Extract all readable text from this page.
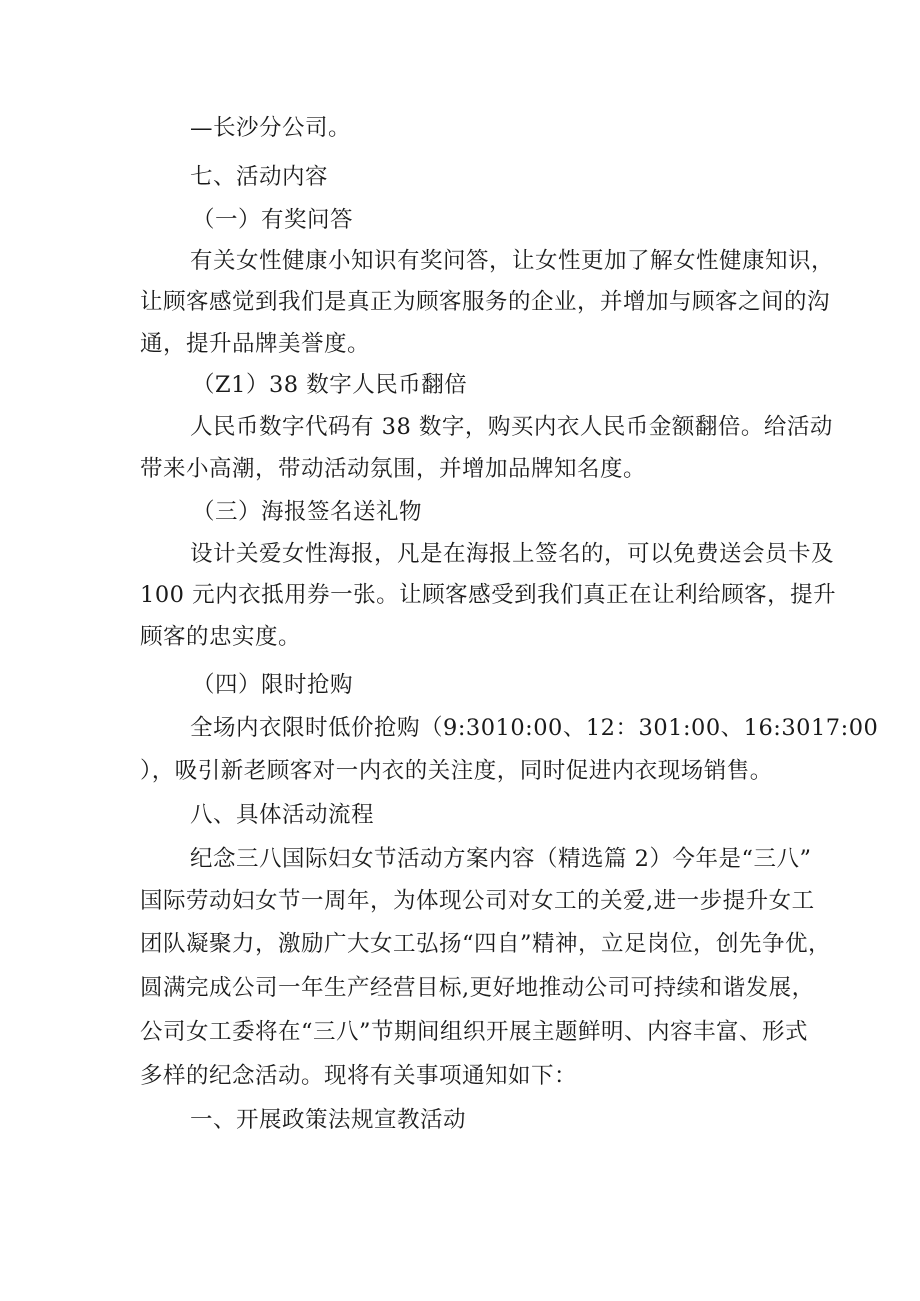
—长沙分公司。
七、活动内容
（一）有奖问答
有关女性健康小知识有奖问答，让女性更加了解女性健康知识，
让顾客感觉到我们是真正为顾客服务的企业，并增加与顾客之间的沟
通，提升品牌美誉度。
（Z1）38 数字人民币翻倍
人民币数字代码有 38 数字，购买内衣人民币金额翻倍。给活动
带来小高潮，带动活动氛围，并增加品牌知名度。
（三）海报签名送礼物
设计关爱女性海报，凡是在海报上签名的，可以免费送会员卡及
100 元内衣抵用券一张。让顾客感受到我们真正在让利给顾客，提升
顾客的忠实度。
（四）限时抢购
全场内衣限时低价抢购（9:3010:00、12：301:00、16:3017:00
），吸引新老顾客对一内衣的关注度，同时促进内衣现场销售。
八、具体活动流程
纪念三八国际妇女节活动方案内容（精选篇 2）今年是“三八”
国际劳动妇女节一周年，为体现公司对女工的关爱,进一步提升女工
团队凝聚力，激励广大女工弘扬“四自”精神，立足岗位，创先争优，
圆满完成公司一年生产经营目标,更好地推动公司可持续和谐发展，
公司女工委将在“三八”节期间组织开展主题鲜明、内容丰富、形式
多样的纪念活动。现将有关事项通知如下：
一、开展政策法规宣教活动
